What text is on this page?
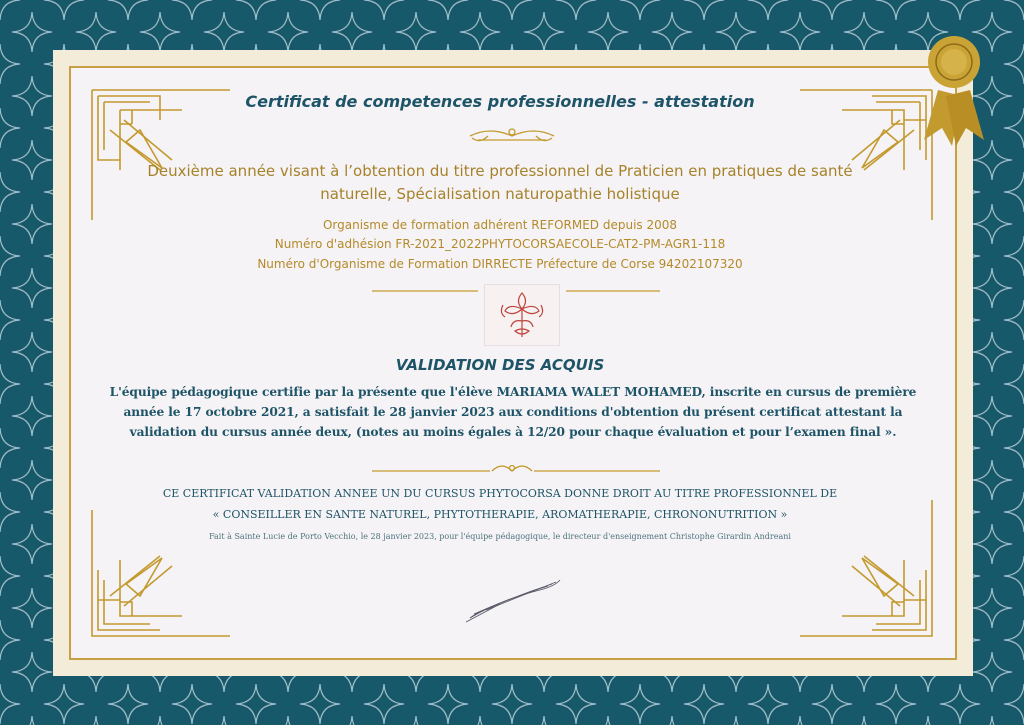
Certificat de competences professionnelles - attestation

Deuxième année visant à l’obtention du titre professionnel de Praticien en pratiques de santé
naturelle, Spécialisation naturopathie holistique

Organisme de formation adhérent REFORMED depuis 2008

Numéro d'adhésion FR-2021_2022PHYTOCORSAECOLE-CAT2-PM-AGR1-118

Numéro d'Organisme de Formation DIRRECTE Préfecture de Corse 94202107320

VALIDATION DES ACQUIS

L'équipe pédagogique certifie par la présente que l'élève MARIAMA WALET MOHAMED, inscrite en cursus de première
année le 17 octobre 2021, a satisfait le 28 janvier 2023 aux conditions d'obtention du présent certificat attestant la
validation du cursus année deux, (notes au moins égales à 12/20 pour chaque évaluation et pour l’examen final ».

CE CERTIFICAT VALIDATION ANNEE UN DU CURSUS PHYTOCORSA DONNE DROIT AU TITRE PROFESSIONNEL DE

« CONSEILLER EN SANTE NATUREL, PHYTOTHERAPIE, AROMATHERAPIE, CHRONONUTRITION »

Fait à Sainte Lucie de Porto Vecchio, le 28 janvier 2023, pour l'équipe pédagogique, le directeur d'enseignement Christophe Girardin Andreani
